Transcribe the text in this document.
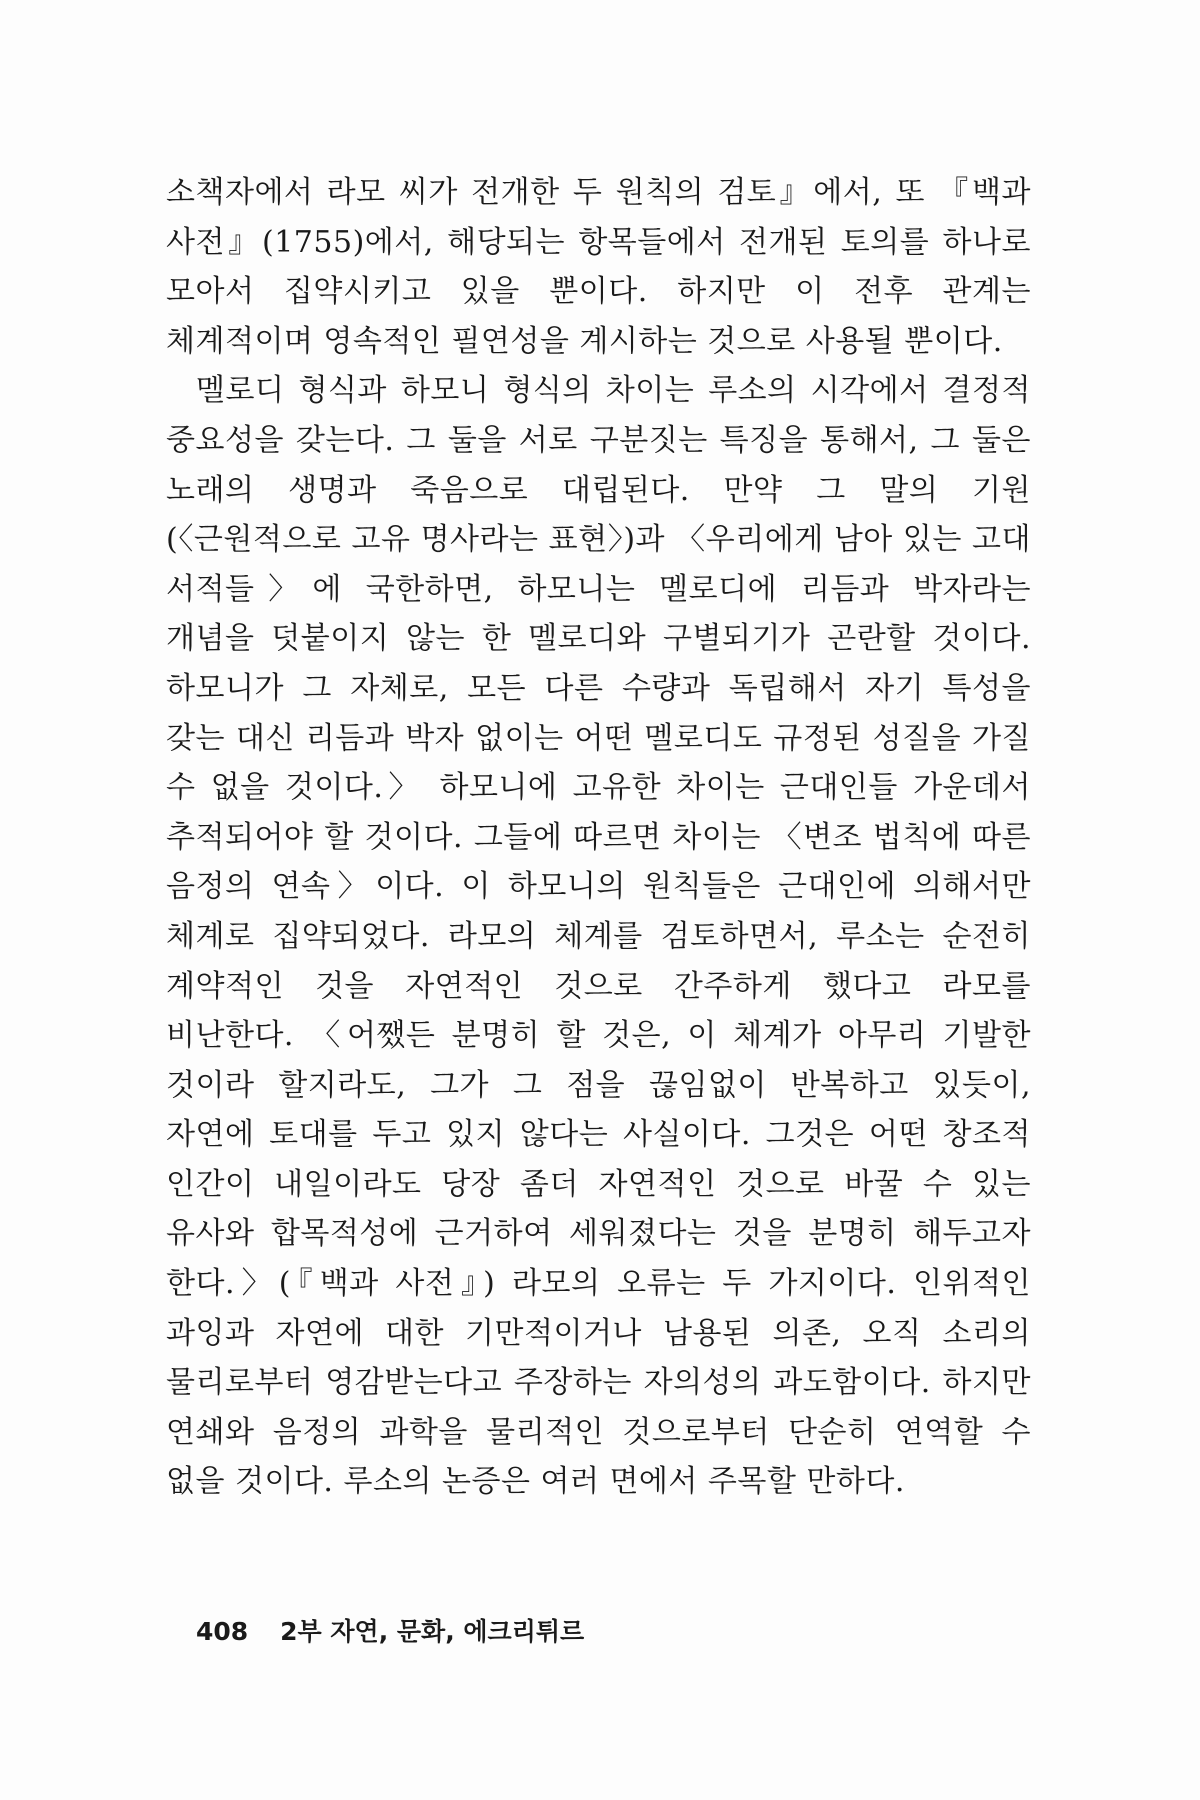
소책자에서 라모 씨가 전개한 두 원칙의 검토』에서, 또 『백과 사전』(1755)에서, 해당되는 항목들에서 전개된 토의를 하나로 모아서 집약시키고 있을 뿐이다. 하지만 이 전후 관계는 체계적이며 영속적인 필연성을 계시하는 것으로 사용될 뿐이다.

멜로디 형식과 하모니 형식의 차이는 루소의 시각에서 결정적 중요성을 갖는다. 그 둘을 서로 구분짓는 특징을 통해서, 그 둘은 노래의 생명과 죽음으로 대립된다. 만약 그 말의 기원(〈근원적으로 고유 명사라는 표현〉)과 〈우리에게 남아 있는 고대 서적들〉에 국한하면, 하모니는 멜로디에 리듬과 박자라는 개념을 덧붙이지 않는 한 멜로디와 구별되기가 곤란할 것이다. 하모니가 그 자체로, 모든 다른 수량과 독립해서 자기 특성을 갖는 대신 리듬과 박자 없이는 어떤 멜로디도 규정된 성질을 가질 수 없을 것이다.〉 하모니에 고유한 차이는 근대인들 가운데서 추적되어야 할 것이다. 그들에 따르면 차이는 〈변조 법칙에 따른 음정의 연속〉이다. 이 하모니의 원칙들은 근대인에 의해서만 체계로 집약되었다. 라모의 체계를 검토하면서, 루소는 순전히 계약적인 것을 자연적인 것으로 간주하게 했다고 라모를 비난한다. 〈어쨌든 분명히 할 것은, 이 체계가 아무리 기발한 것이라 할지라도, 그가 그 점을 끊임없이 반복하고 있듯이, 자연에 토대를 두고 있지 않다는 사실이다. 그것은 어떤 창조적 인간이 내일이라도 당장 좀더 자연적인 것으로 바꿀 수 있는 유사와 합목적성에 근거하여 세워졌다는 것을 분명히 해두고자 한다.〉(『백과 사전』) 라모의 오류는 두 가지이다. 인위적인 과잉과 자연에 대한 기만적이거나 남용된 의존, 오직 소리의 물리로부터 영감받는다고 주장하는 자의성의 과도함이다. 하지만 연쇄와 음정의 과학을 물리적인 것으로부터 단순히 연역할 수 없을 것이다. 루소의 논증은 여러 면에서 주목할 만하다.

408 2부 자연, 문화, 에크리튀르
